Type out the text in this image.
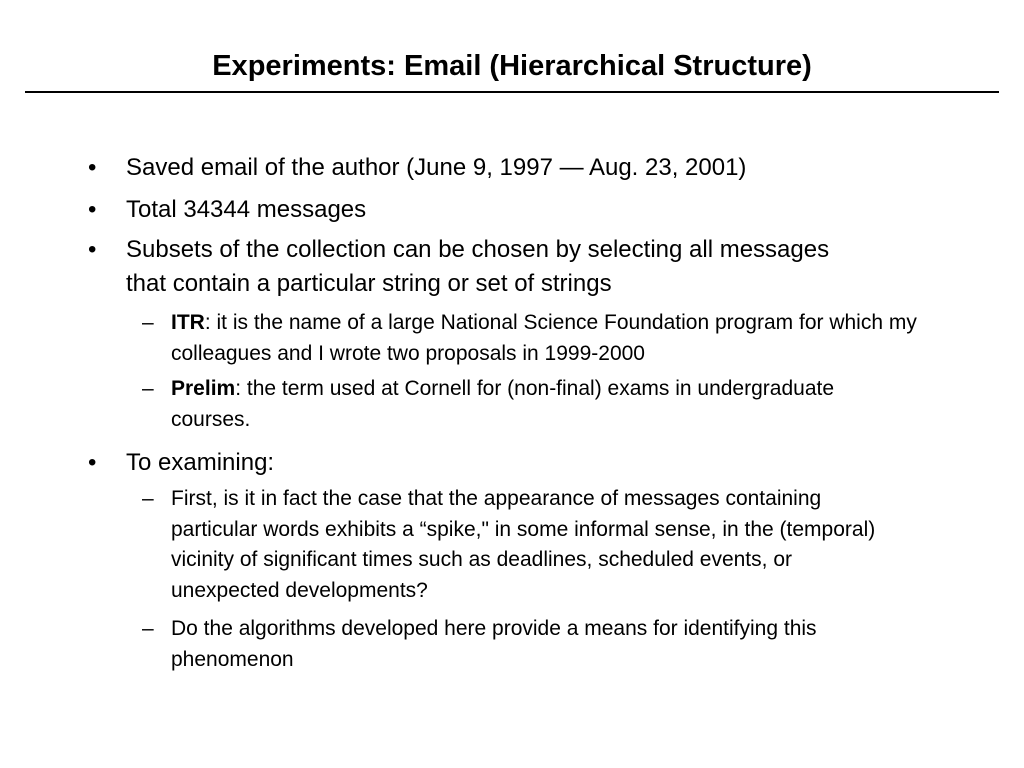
Experiments: Email (Hierarchical Structure)
• Saved email of the author (June 9, 1997 — Aug. 23, 2001)
• Total 34344 messages
• Subsets of the collection can be chosen by selecting all messages that contain a particular string or set of strings
– ITR: it is the name of a large National Science Foundation program for which my colleagues and I wrote two proposals in 1999-2000
– Prelim: the term used at Cornell for (non-final) exams in undergraduate courses.
• To examining:
– First, is it in fact the case that the appearance of messages containing particular words exhibits a “spike," in some informal sense, in the (temporal) vicinity of significant times such as deadlines, scheduled events, or unexpected developments?
– Do the algorithms developed here provide a means for identifying this phenomenon
